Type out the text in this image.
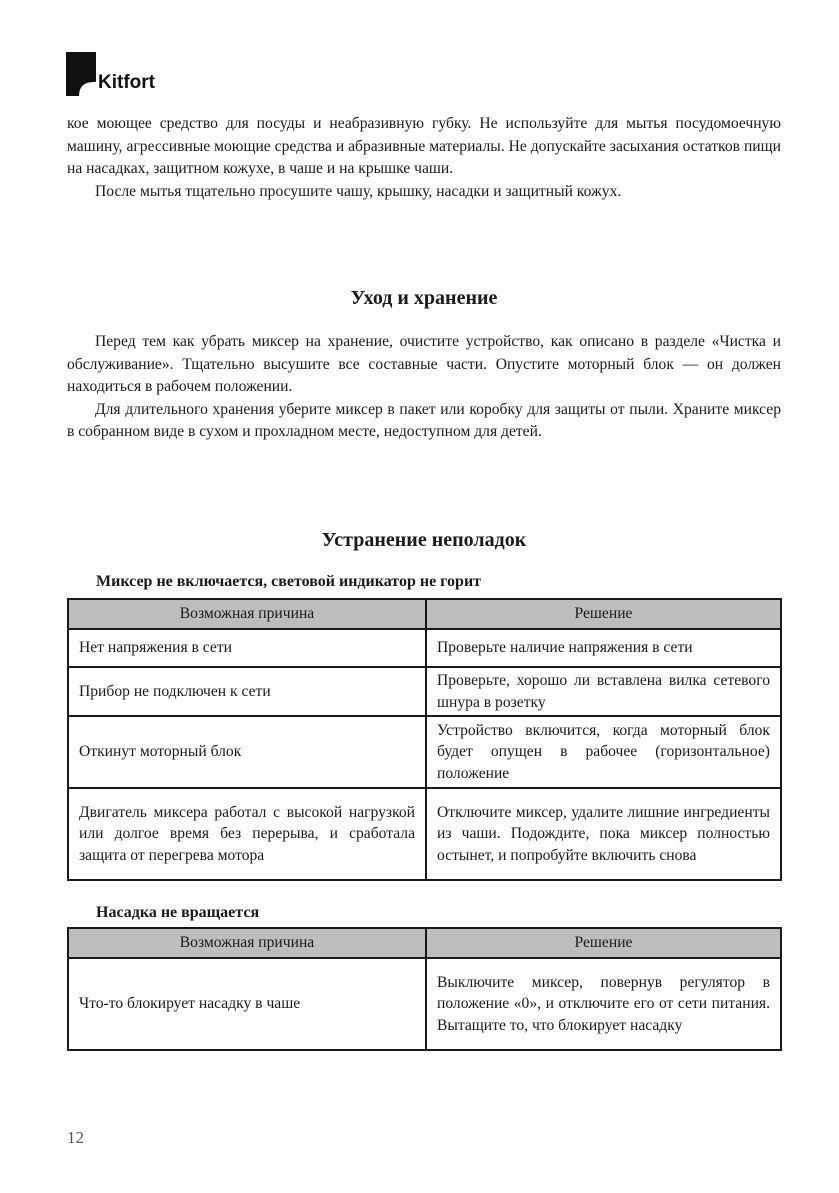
Kitfort

кое моющее средство для посуды и неабразивную губку. Не используйте для мытья посудомоечную машину, агрессивные моющие средства и абразивные материалы. Не допускайте засыхания остатков пищи на насадках, защитном кожухе, в чаше и на крышке чаши.

После мытья тщательно просушите чашу, крышку, насадки и защитный кожух.

Уход и хранение

Перед тем как убрать миксер на хранение, очистите устройство, как описано в разделе «Чистка и обслуживание». Тщательно высушите все составные части. Опустите моторный блок — он должен находиться в рабочем положении.

Для длительного хранения уберите миксер в пакет или коробку для защиты от пыли. Храните миксер в собранном виде в сухом и прохладном месте, недоступном для детей.

Устранение неполадок
Миксер не включается, световой индикатор не горит
Возможная причина	Решение
Нет напряжения в сети	Проверьте наличие напряжения в сети
Прибор не подключен к сети	Проверьте, хорошо ли вставлена вилка сетевого шнура в розетку
Откинут моторный блок	Устройство включится, когда моторный блок будет опущен в рабочее (горизонтальное) положение
Двигатель миксера работал с высокой нагрузкой или долгое время без перерыва, и сработала защита от перегрева мотора	Отключите миксер, удалите лишние ингредиенты из чаши. Подождите, пока миксер полностью остынет, и попробуйте включить снова
Насадка не вращается
Возможная причина	Решение
Что-то блокирует насадку в чаше	Выключите миксер, повернув регулятор в положение «0», и отключите его от сети питания. Вытащите то, что блокирует насадку
12
